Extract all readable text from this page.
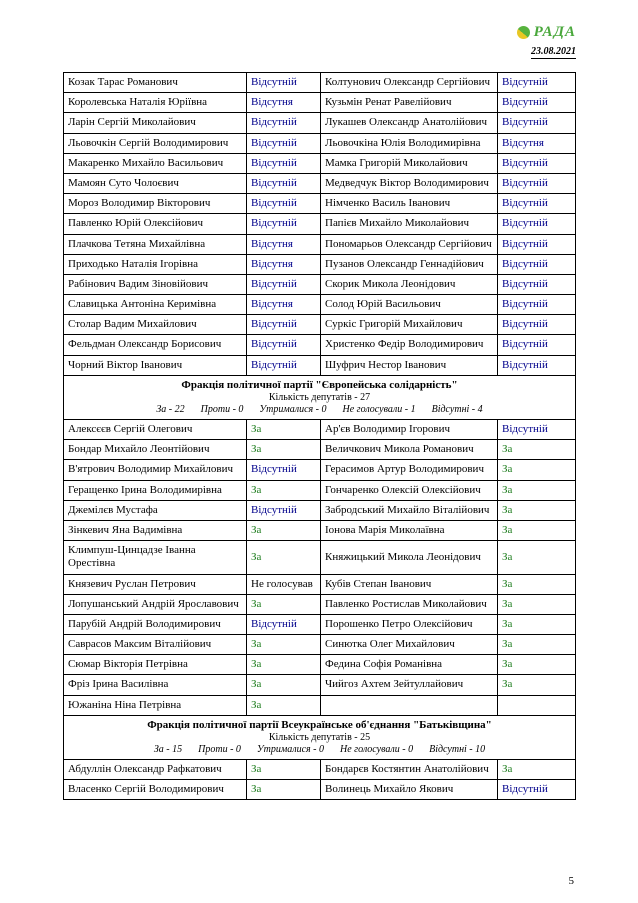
РАДА
23.08.2021
Козак Тарас Романович	Відсутній	Колтунович Олександр Сергійович	Відсутній
Королевська Наталія Юріївна	Відсутня	Кузьмін Ренат Равелійович	Відсутній
Ларін Сергій Миколайович	Відсутній	Лукашев Олександр Анатолійович	Відсутній
Льовочкін Сергій Володимирович	Відсутній	Льовочкіна Юлія Володимирівна	Відсутня
Макаренко Михайло Васильович	Відсутній	Мамка Григорій Миколайович	Відсутній
Мамоян Суто Чолоєвич	Відсутній	Медведчук Віктор Володимирович	Відсутній
Мороз Володимир Вікторович	Відсутній	Німченко Василь Іванович	Відсутній
Павленко Юрій Олексійович	Відсутній	Папієв Михайло Миколайович	Відсутній
Плачкова Тетяна Михайлівна	Відсутня	Пономарьов Олександр Сергійович	Відсутній
Приходько Наталія Ігорівна	Відсутня	Пузанов Олександр Геннадійович	Відсутній
Рабінович Вадим Зіновійович	Відсутній	Скорик Микола Леонідович	Відсутній
Славицька Антоніна Керимівна	Відсутня	Солод Юрій Васильович	Відсутній
Столар Вадим Михайлович	Відсутній	Суркіс Григорій Михайлович	Відсутній
Фельдман Олександр Борисович	Відсутній	Христенко Федір Володимирович	Відсутній
Чорний Віктор Іванович	Відсутній	Шуфрич Нестор Іванович	Відсутній

Фракція політичної партії "Європейська солідарність"
Кількість депутатів - 27
За - 22 Проти - 0 Утрималися - 0 Не голосували - 1 Відсутні - 4

Алексєєв Сергій Олегович	За	Ар'єв Володимир Ігорович	Відсутній
Бондар Михайло Леонтійович	За	Величкович Микола Романович	За
В'ятрович Володимир Михайлович	Відсутній	Герасимов Артур Володимирович	За
Геращенко Ірина Володимирівна	За	Гончаренко Олексій Олексійович	За
Джемілєв Мустафа	Відсутній	Забродський Михайло Віталійович	За
Зінкевич Яна Вадимівна	За	Іонова Марія Миколаївна	За
Климпуш-Цинцадзе Іванна Орестівна	За	Княжицький Микола Леонідович	За
Князевич Руслан Петрович	Не голосував	Кубів Степан Іванович	За
Лопушанський Андрій Ярославович	За	Павленко Ростислав Миколайович	За
Парубій Андрій Володимирович	Відсутній	Порошенко Петро Олексійович	За
Саврасов Максим Віталійович	За	Синютка Олег Михайлович	За
Сюмар Вікторія Петрівна	За	Федина Софія Романівна	За
Фріз Ірина Василівна	За	Чийгоз Ахтем Зейтуллайович	За
Южаніна Ніна Петрівна	За		

Фракція політичної партії Всеукраїнське об'єднання "Батьківщина"
Кількість депутатів - 25
За - 15 Проти - 0 Утрималися - 0 Не голосували - 0 Відсутні - 10

Абдуллін Олександр Рафкатович	За	Бондарєв Костянтин Анатолійович	За
Власенко Сергій Володимирович	За	Волинець Михайло Якович	Відсутній
5
